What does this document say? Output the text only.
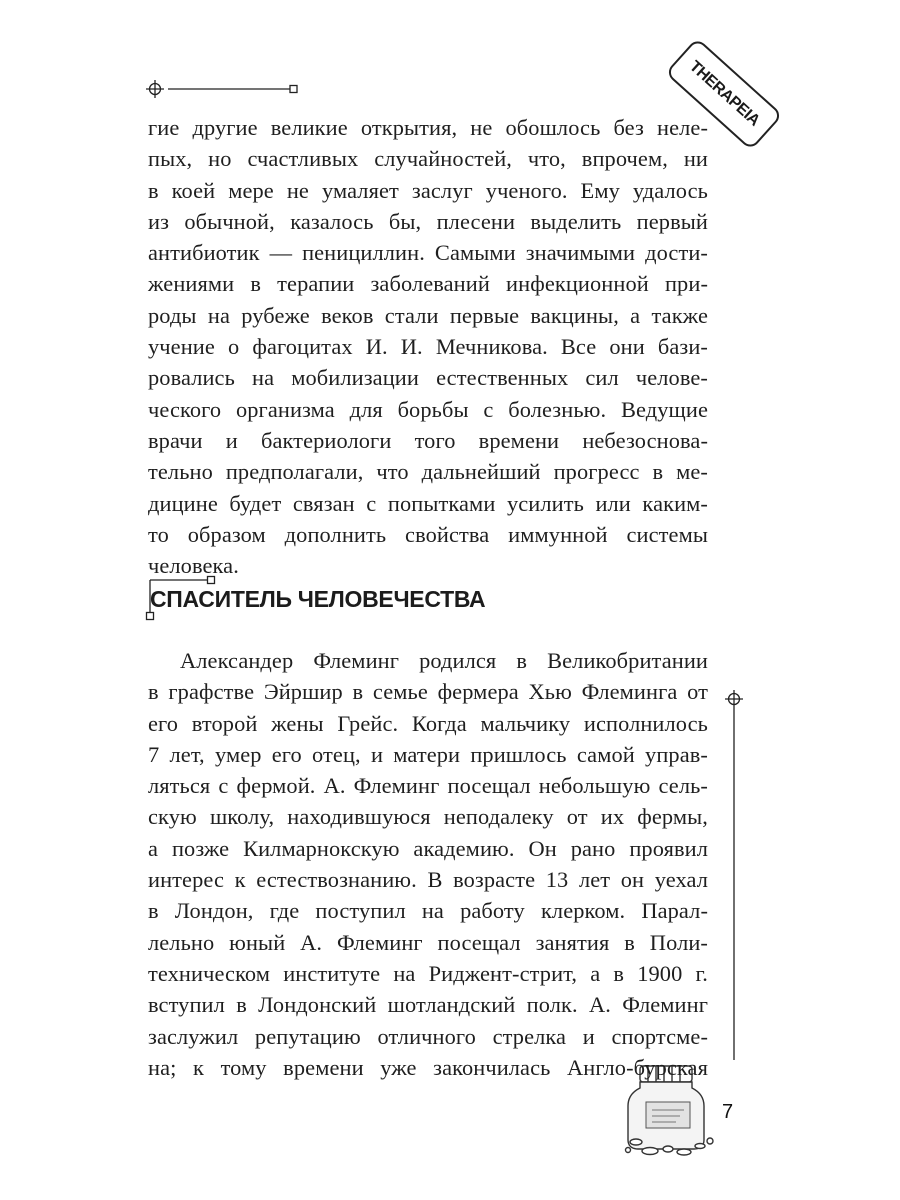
THERAPEIA
гие другие великие открытия, не обошлось без неле-
пых, но счастливых случайностей, что, впрочем, ни
в коей мере не умаляет заслуг ученого. Ему удалось
из обычной, казалось бы, плесени выделить первый
антибиотик — пенициллин. Самыми значимыми дости-
жениями в терапии заболеваний инфекционной при-
роды на рубеже веков стали первые вакцины, а также
учение о фагоцитах И. И. Мечникова. Все они бази-
ровались на мобилизации естественных сил челове-
ческого организма для борьбы с болезнью. Ведущие
врачи и бактериологи того времени небезоснова-
тельно предполагали, что дальнейший прогресс в ме-
дицине будет связан с попытками усилить или каким-
то образом дополнить свойства иммунной системы
человека.
СПАСИТЕЛЬ ЧЕЛОВЕЧЕСТВА
Александер Флеминг родился в Великобритании
в графстве Эйршир в семье фермера Хью Флеминга от
его второй жены Грейс. Когда мальчику исполнилось
7 лет, умер его отец, и матери пришлось самой управ-
ляться с фермой. А. Флеминг посещал небольшую сель-
скую школу, находившуюся неподалеку от их фермы,
а позже Килмарнокскую академию. Он рано проявил
интерес к естествознанию. В возрасте 13 лет он уехал
в Лондон, где поступил на работу клерком. Парал-
лельно юный А. Флеминг посещал занятия в Поли-
техническом институте на Риджент-стрит, а в 1900 г.
вступил в Лондонский шотландский полк. А. Флеминг
заслужил репутацию отличного стрелка и спортсме-
на; к тому времени уже закончилась Англо-бурская
7
